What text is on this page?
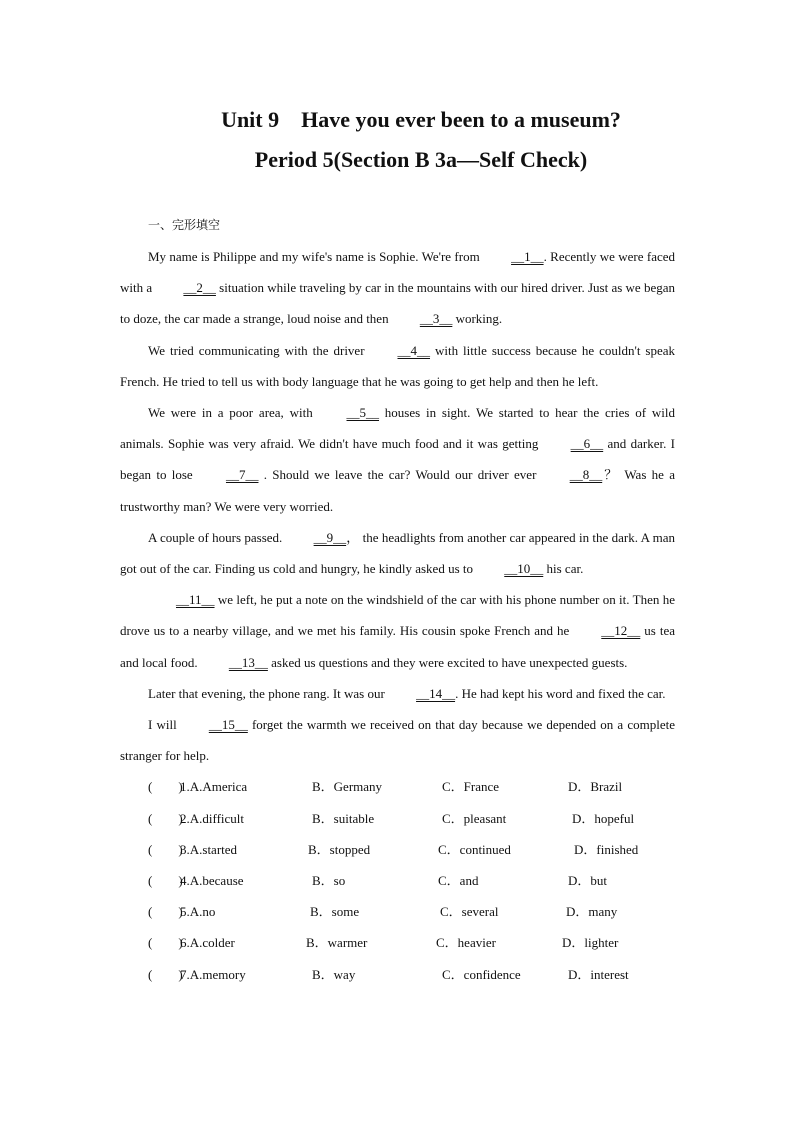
Unit 9    Have you ever been to a museum?
Period 5(Section B 3a—Self Check)
一、完形填空

My name is Philippe and my wife's name is Sophie. We're from __1__. Recently we were faced with a __2__ situation while traveling by car in the mountains with our hired driver. Just as we began to doze, the car made a strange, loud noise and then __3__ working.

We tried communicating with the driver __4__ with little success because he couldn't speak French. He tried to tell us with body language that he was going to get help and then he left.

We were in a poor area, with __5__ houses in sight. We started to hear the cries of wild animals. Sophie was very afraid. We didn't have much food and it was getting __6__ and darker. I began to lose __7__ . Should we leave the car? Would our driver ever __8__？ Was he a trustworthy man? We were very worried.

A couple of hours passed. __9__， the headlights from another car appeared in the dark. A man got out of the car. Finding us cold and hungry, he kindly asked us to __10__ his car.

__11__ we left, he put a note on the windshield of the car with his phone number on it. Then he drove us to a nearby village, and we met his family. His cousin spoke French and he __12__ us tea and local food. __13__ asked us questions and they were excited to have unexpected guests.

Later that evening, the phone rang. It was our __14__. He had kept his word and fixed the car.

I will __15__ forget the warmth we received on that day because we depended on a complete stranger for help.

(        )
1.A.America	B．Germany	C．France	D．Brazil
(        )
2.A.difficult	B．suitable	C．pleasant	D．hopeful
(        )
3.A.started	B．stopped	C．continued	D．finished
(        )
4.A.because	B．so	C．and	D．but
(        )
5.A.no	B．some	C．several	D．many
(        )
6.A.colder	B．warmer	C．heavier	D．lighter
(        )
7.A.memory	B．way	C．confidence	D．interest
